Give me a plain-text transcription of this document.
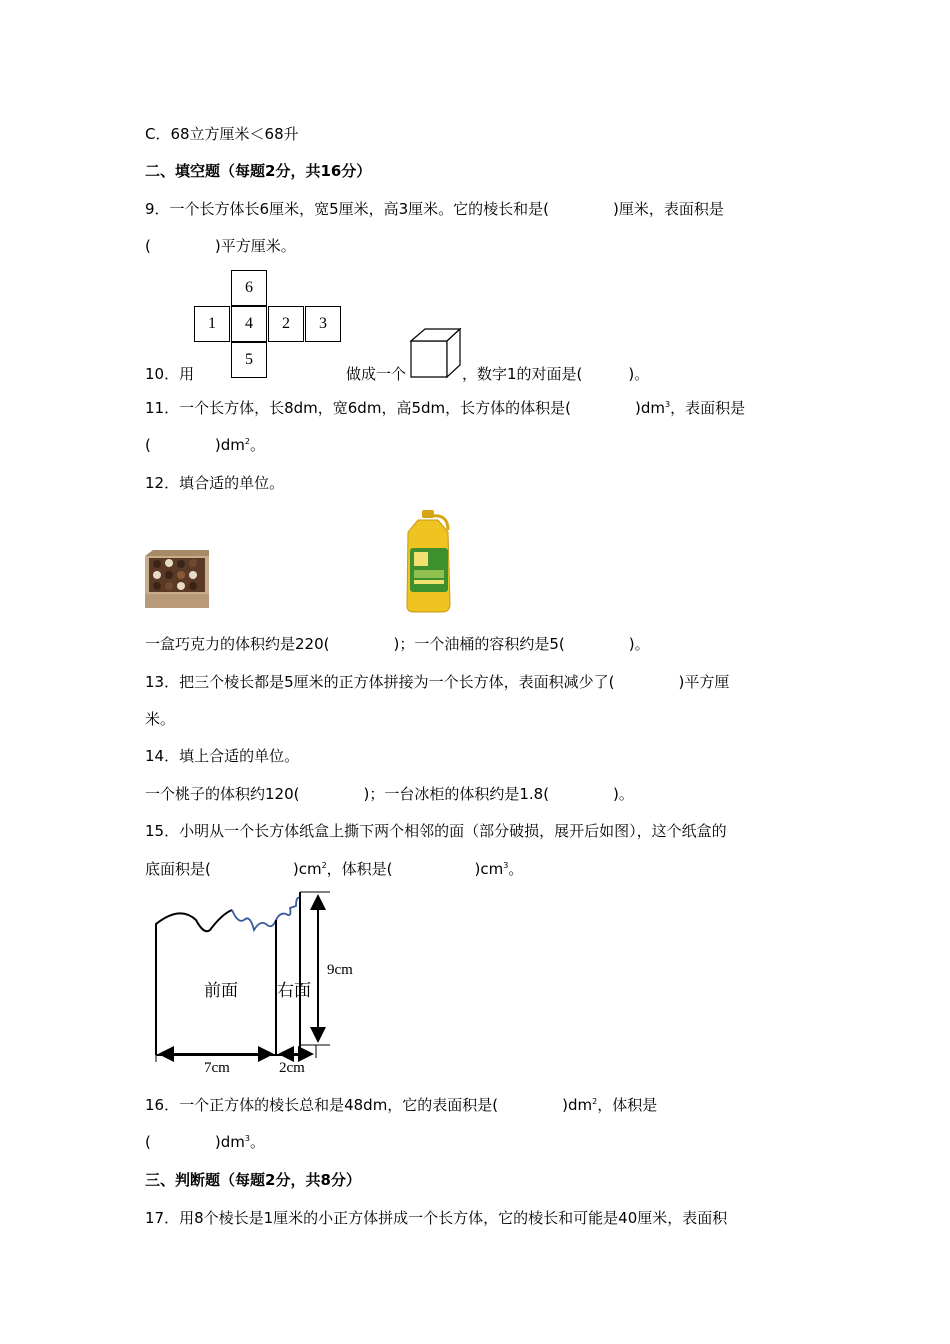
C．68立方厘米＜68升
二、填空题（每题2分，共16分）
9．一个长方体长6厘米，宽5厘米，高3厘米。它的棱长和是(	)厘米，表面积是
(	)平方厘米。
6
1	4	2	3
5
10．用	做成一个	，数字1的对面是(	)。
11．一个长方体，长8dm，宽6dm，高5dm，长方体的体积是(	)$dm^3$，表面积是
(	)$dm^2$。
12．填合适的单位。
一盒巧克力的体积约是220(	)；一个油桶的容积约是5(	)。
13．把三个棱长都是5厘米的正方体拼接为一个长方体，表面积减少了(	)平方厘
米。
14．填上合适的单位。
一个桃子的体积约120(	)；一台冰柜的体积约是1.8(	)。
15．小明从一个长方体纸盒上撕下两个相邻的面（部分破损，展开后如图），这个纸盒的
底面积是(	)$cm^2$，体积是(	)$cm^3$。
前面 右面
9cm
7cm	2cm
16．一个正方体的棱长总和是48dm，它的表面积是(	)$dm^2$，体积是
(	)$dm^3$。
三、判断题（每题2分，共8分）
17．用8个棱长是1厘米的小正方体拼成一个长方体，它的棱长和可能是40厘米，表面积
